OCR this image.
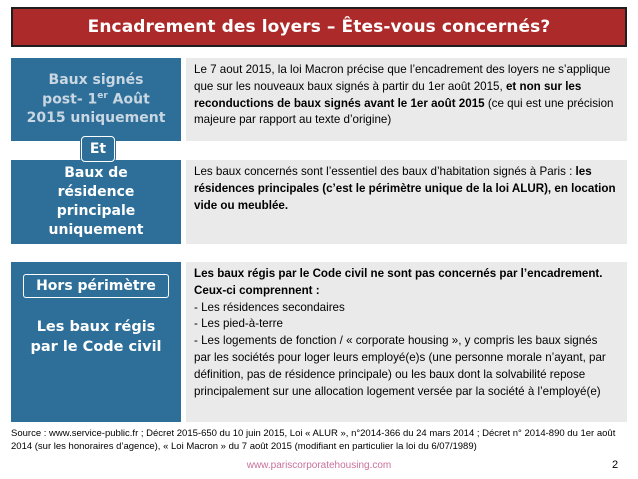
Encadrement des loyers – Êtes-vous concernés?
Baux signés
post- 1er Août
2015 uniquement
Le 7 aout 2015, la loi Macron précise que l’encadrement des loyers ne s’applique que sur les nouveaux baux signés à partir du 1er août 2015, et non sur les reconductions de baux signés avant le 1er août 2015 (ce qui est une précision majeure par rapport au texte d’origine)
Baux de
résidence
principale
uniquement
Les baux concernés sont l’essentiel des baux d’habitation signés à Paris : les résidences principales (c’est le périmètre unique de la loi ALUR), en location vide ou meublée.
Et
Hors périmètre
Les baux régis
par le Code civil
Les baux régis par le Code civil ne sont pas concernés par l’encadrement. Ceux-ci comprennent :
- Les résidences secondaires
- Les pied-à-terre
- Les logements de fonction / « corporate housing », y compris les baux signés par les sociétés pour loger leurs employé(e)s (une personne morale n’ayant, par définition, pas de résidence principale) ou les baux dont la solvabilité repose principalement sur une allocation logement versée par la société à l’employé(e)
Source : www.service-public.fr ; Décret 2015-650 du 10 juin 2015, Loi « ALUR », n°2014-366 du 24 mars 2014 ; Décret n° 2014-890 du 1er août 2014 (sur les honoraires d’agence), « Loi Macron » du 7 août 2015 (modifiant en particulier la loi du 6/07/1989)
www.pariscorporatehousing.com	2
